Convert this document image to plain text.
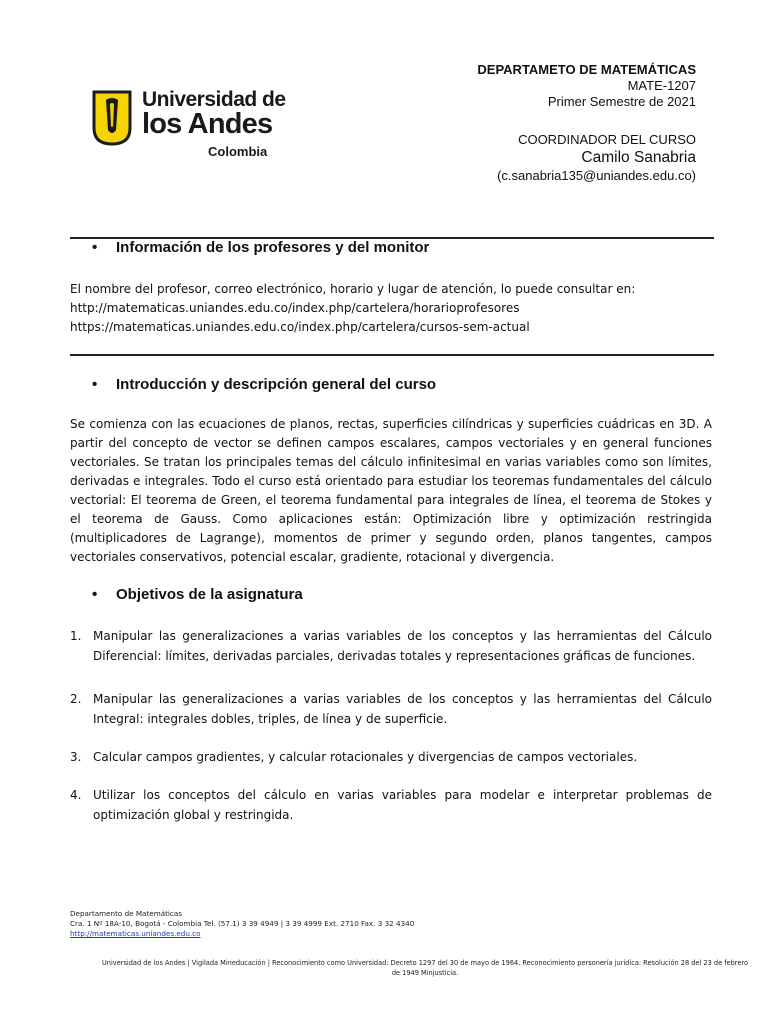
Universidad de
los Andes
Colombia
DEPARTAMETO DE MATEMÁTICAS
MATE-1207
Primer Semestre de 2021
COORDINADOR DEL CURSO
Camilo Sanabria
(c.sanabria135@uniandes.edu.co)
• Información de los profesores y del monitor

El nombre del profesor, correo electrónico, horario y lugar de atención, lo puede consultar en:

http://matematicas.uniandes.edu.co/index.php/cartelera/horarioprofesores

https://matematicas.uniandes.edu.co/index.php/cartelera/cursos-sem-actual

• Introducción y descripción general del curso
Se comienza con las ecuaciones de planos, rectas, superficies cilíndricas y superficies cuádricas en 3D. A partir del concepto de vector se definen campos escalares, campos vectoriales y en general funciones vectoriales. Se tratan los principales temas del cálculo infinitesimal en varias variables como son límites, derivadas e integrales. Todo el curso está orientado para estudiar los teoremas fundamentales del cálculo vectorial: El teorema de Green, el teorema fundamental para integrales de línea, el teorema de Stokes y el teorema de Gauss. Como aplicaciones están: Optimización libre y optimización restringida (multiplicadores de Lagrange), momentos de primer y segundo orden, planos tangentes, campos vectoriales conservativos, potencial escalar, gradiente, rotacional y divergencia.
• Objetivos de la asignatura
1. Manipular las generalizaciones a varias variables de los conceptos y las herramientas del Cálculo Diferencial: límites, derivadas parciales, derivadas totales y representaciones gráficas de funciones.
2. Manipular las generalizaciones a varias variables de los conceptos y las herramientas del Cálculo Integral: integrales dobles, triples, de línea y de superficie.
3. Calcular campos gradientes, y calcular rotacionales y divergencias de campos vectoriales.
4. Utilizar los conceptos del cálculo en varias variables para modelar e interpretar problemas de optimización global y restringida.
Departamento de Matemáticas
Cra. 1 Nº 18A-10, Bogotá - Colombia Tel. (57.1) 3 39 4949 | 3 39 4999 Ext. 2710 Fax. 3 32 4340
http://matematicas.uniandes.edu.co
Universidad de los Andes | Vigilada Mineducación | Reconocimiento como Universidad: Decreto 1297 del 30 de mayo de 1964. Reconocimiento personería jurídica: Resolución 28 del 23 de febrero de 1949 Minjusticia.
